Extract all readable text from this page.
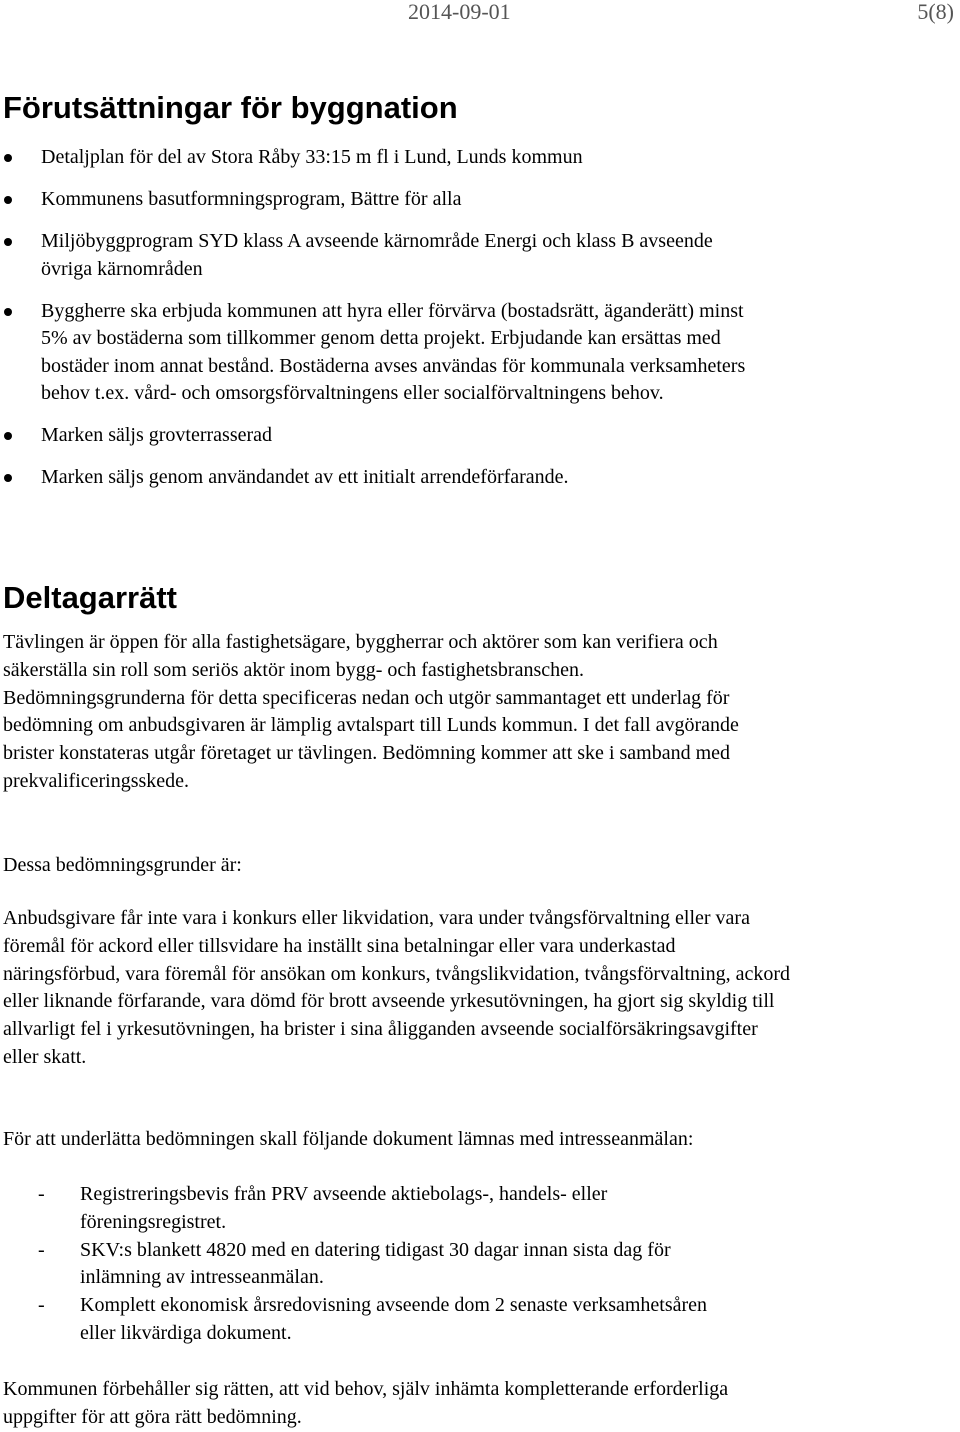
2014-09-01	5(8)
Förutsättningar för byggnation
Detaljplan för del av Stora Råby 33:15 m fl i Lund, Lunds kommun
Kommunens basutformningsprogram, Bättre för alla
Miljöbyggprogram SYD klass A avseende kärnområde Energi och klass B avseende övriga kärnområden
Byggherre ska erbjuda kommunen att hyra eller förvärva (bostadsrätt, äganderätt) minst 5% av bostäderna som tillkommer genom detta projekt. Erbjudande kan ersättas med bostäder inom annat bestånd. Bostäderna avses användas för kommunala verksamheters behov t.ex. vård- och omsorgsförvaltningens eller socialförvaltningens behov.
Marken säljs grovterrasserad
Marken säljs genom användandet av ett initialt arrendeförfarande.
Deltagarrätt

Tävlingen är öppen för alla fastighetsägare, byggherrar och aktörer som kan verifiera och säkerställa sin roll som seriös aktör inom bygg- och fastighetsbranschen. Bedömningsgrunderna för detta specificeras nedan och utgör sammantaget ett underlag för bedömning om anbudsgivaren är lämplig avtalspart till Lunds kommun. I det fall avgörande brister konstateras utgår företaget ur tävlingen. Bedömning kommer att ske i samband med prekvalificeringsskede.

Dessa bedömningsgrunder är:

Anbudsgivare får inte vara i konkurs eller likvidation, vara under tvångsförvaltning eller vara föremål för ackord eller tillsvidare ha inställt sina betalningar eller vara underkastad näringsförbud, vara föremål för ansökan om konkurs, tvångslikvidation, tvångsförvaltning, ackord eller liknande förfarande, vara dömd för brott avseende yrkesutövningen, ha gjort sig skyldig till allvarligt fel i yrkesutövningen, ha brister i sina åligganden avseende socialförsäkringsavgifter eller skatt.

För att underlätta bedömningen skall följande dokument lämnas med intresseanmälan:

- Registreringsbevis från PRV avseende aktiebolags-, handels- eller föreningsregistret.
- SKV:s blankett 4820 med en datering tidigast 30 dagar innan sista dag för inlämning av intresseanmälan.
- Komplett ekonomisk årsredovisning avseende dom 2 senaste verksamhetsåren eller likvärdiga dokument.

Kommunen förbehåller sig rätten, att vid behov, själv inhämta kompletterande erforderliga uppgifter för att göra rätt bedömning.
